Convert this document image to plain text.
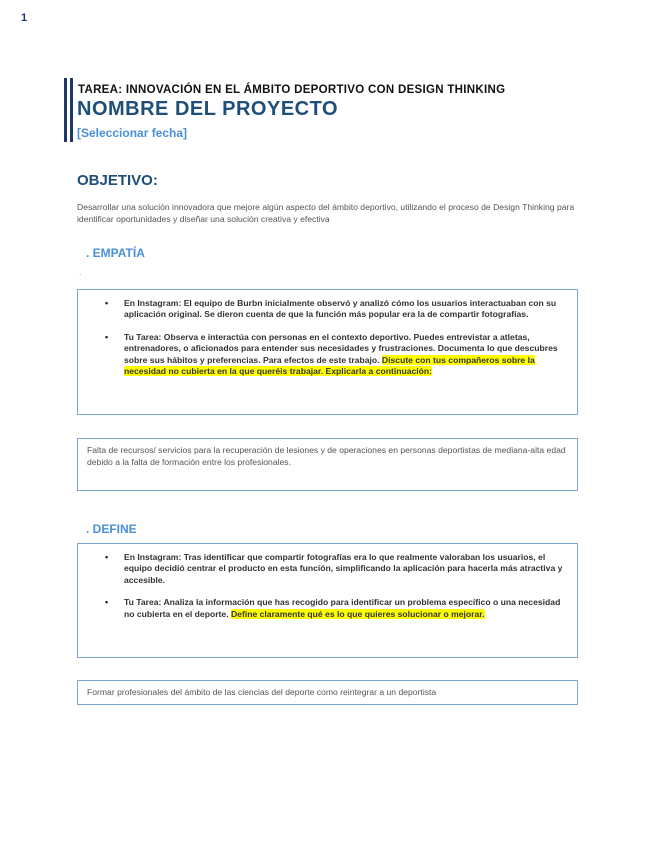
1
TAREA: INNOVACIÓN EN EL ÁMBITO DEPORTIVO CON DESIGN THINKING
NOMBRE DEL PROYECTO
[Seleccionar fecha]
OBJETIVO:
Desarrollar una solución innovadora que mejore algún aspecto del ámbito deportivo, utilizando el proceso de Design Thinking para identificar oportunidades y diseñar una solución creativa y efectiva
. EMPATÍA
.
• En Instagram: El equipo de Burbn inicialmente observó y analizó cómo los usuarios interactuaban con su aplicación original. Se dieron cuenta de que la función más popular era la de compartir fotografías.
• Tu Tarea: Observa e interactúa con personas en el contexto deportivo. Puedes entrevistar a atletas, entrenadores, o aficionados para entender sus necesidades y frustraciones. Documenta lo que descubres sobre sus hábitos y preferencias. Para efectos de este trabajo. Discute con tus compañeros sobre la necesidad no cubierta en la que queréis trabajar. Explicarla a continuación:
Falta de recursos/ servicios para la recuperación de lesiones y de operaciones en personas deportistas de mediana-alta edad debido a la falta de formación entre los profesionales.
. DEFINE
• En Instagram: Tras identificar que compartir fotografías era lo que realmente valoraban los usuarios, el equipo decidió centrar el producto en esta función, simplificando la aplicación para hacerla más atractiva y accesible.
• Tu Tarea: Analiza la información que has recogido para identificar un problema específico o una necesidad no cubierta en el deporte. Define claramente qué es lo que quieres solucionar o mejorar.
Formar profesionales del ámbito de las ciencias del deporte como reintegrar a un deportista
